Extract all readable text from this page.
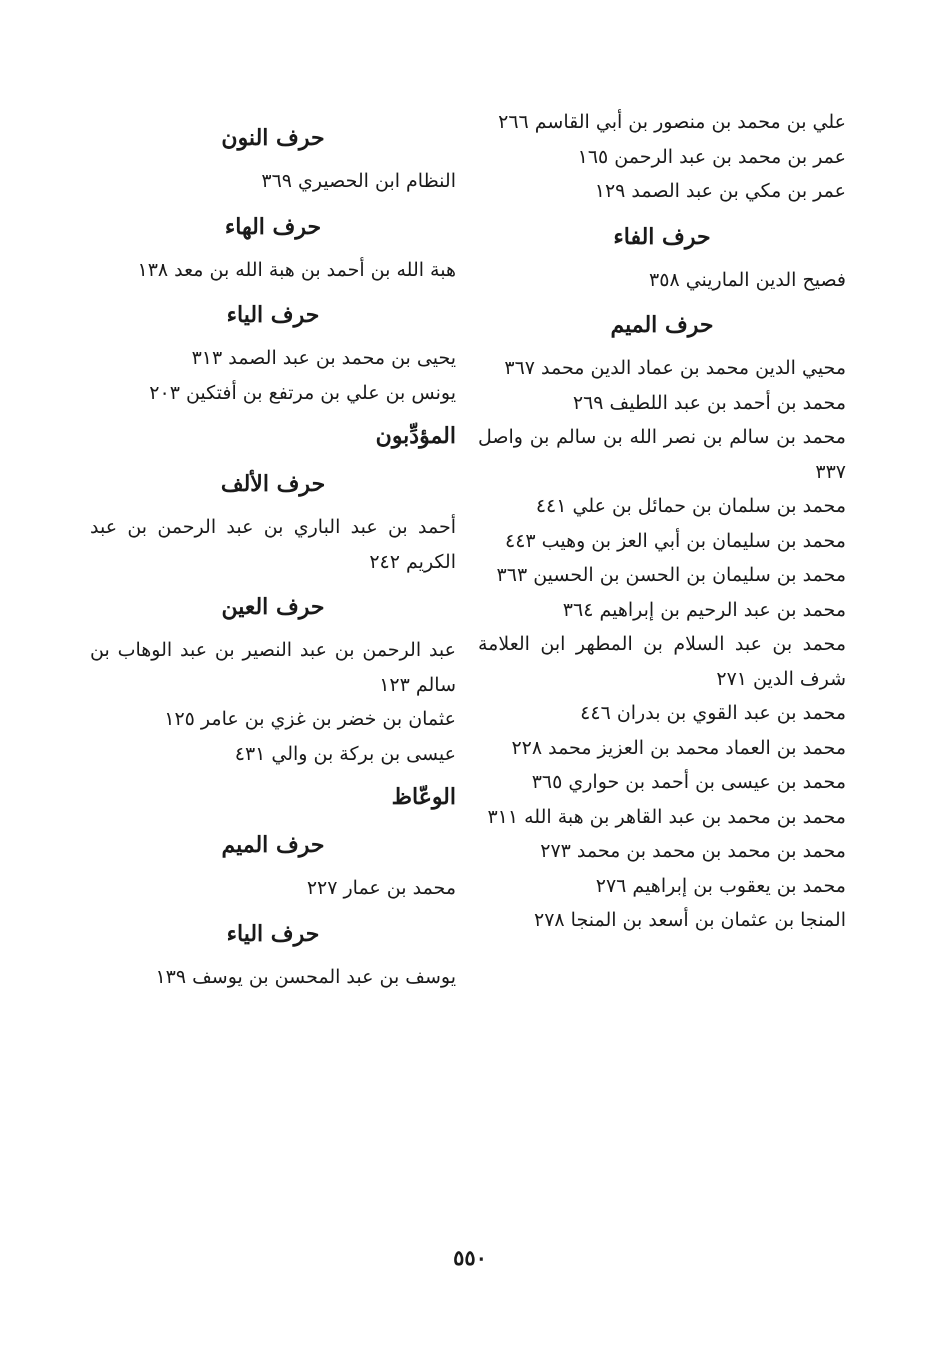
علي بن محمد بن منصور بن أبي القاسم ٢٦٦
عمر بن محمد بن عبد الرحمن ١٦٥
عمر بن مكي بن عبد الصمد ١٢٩
حرف الفاء
فصيح الدين الماريني ٣٥٨
حرف الميم
محيي الدين محمد بن عماد الدين محمد ٣٦٧
محمد بن أحمد بن عبد اللطيف ٢٦٩
محمد بن سالم بن نصر الله بن سالم بن واصل ٣٣٧
محمد بن سلمان بن حمائل بن علي ٤٤١
محمد بن سليمان بن أبي العز بن وهيب ٤٤٣
محمد بن سليمان بن الحسن بن الحسين ٣٦٣
محمد بن عبد الرحيم بن إبراهيم ٣٦٤
محمد بن عبد السلام بن المطهر ابن العلامة شرف الدين ٢٧١
محمد بن عبد القوي بن بدران ٤٤٦
محمد بن العماد محمد بن العزيز محمد ٢٢٨
محمد بن عيسى بن أحمد بن حواري ٣٦٥
محمد بن محمد بن عبد القاهر بن هبة الله ٣١١
محمد بن محمد بن محمد بن محمد ٢٧٣
محمد بن يعقوب بن إبراهيم ٢٧٦
المنجا بن عثمان بن أسعد بن المنجا ٢٧٨
حرف النون
النظام ابن الحصيري ٣٦٩
حرف الهاء
هبة الله بن أحمد بن هبة الله بن معد ١٣٨
حرف الياء
يحيى بن محمد بن عبد الصمد ٣١٣
يونس بن علي بن مرتفع بن أفتكين ٢٠٣
المؤدِّبون
حرف الألف
أحمد بن عبد الباري بن عبد الرحمن بن عبد الكريم ٢٤٢
حرف العين
عبد الرحمن بن عبد النصير بن عبد الوهاب بن سالم ١٢٣
عثمان بن خضر بن غزي بن عامر ١٢٥
عيسى بن بركة بن والي ٤٣١
الوعّاظ
حرف الميم
محمد بن عمار ٢٢٧
حرف الياء
يوسف بن عبد المحسن بن يوسف ١٣٩
٥٥٠
